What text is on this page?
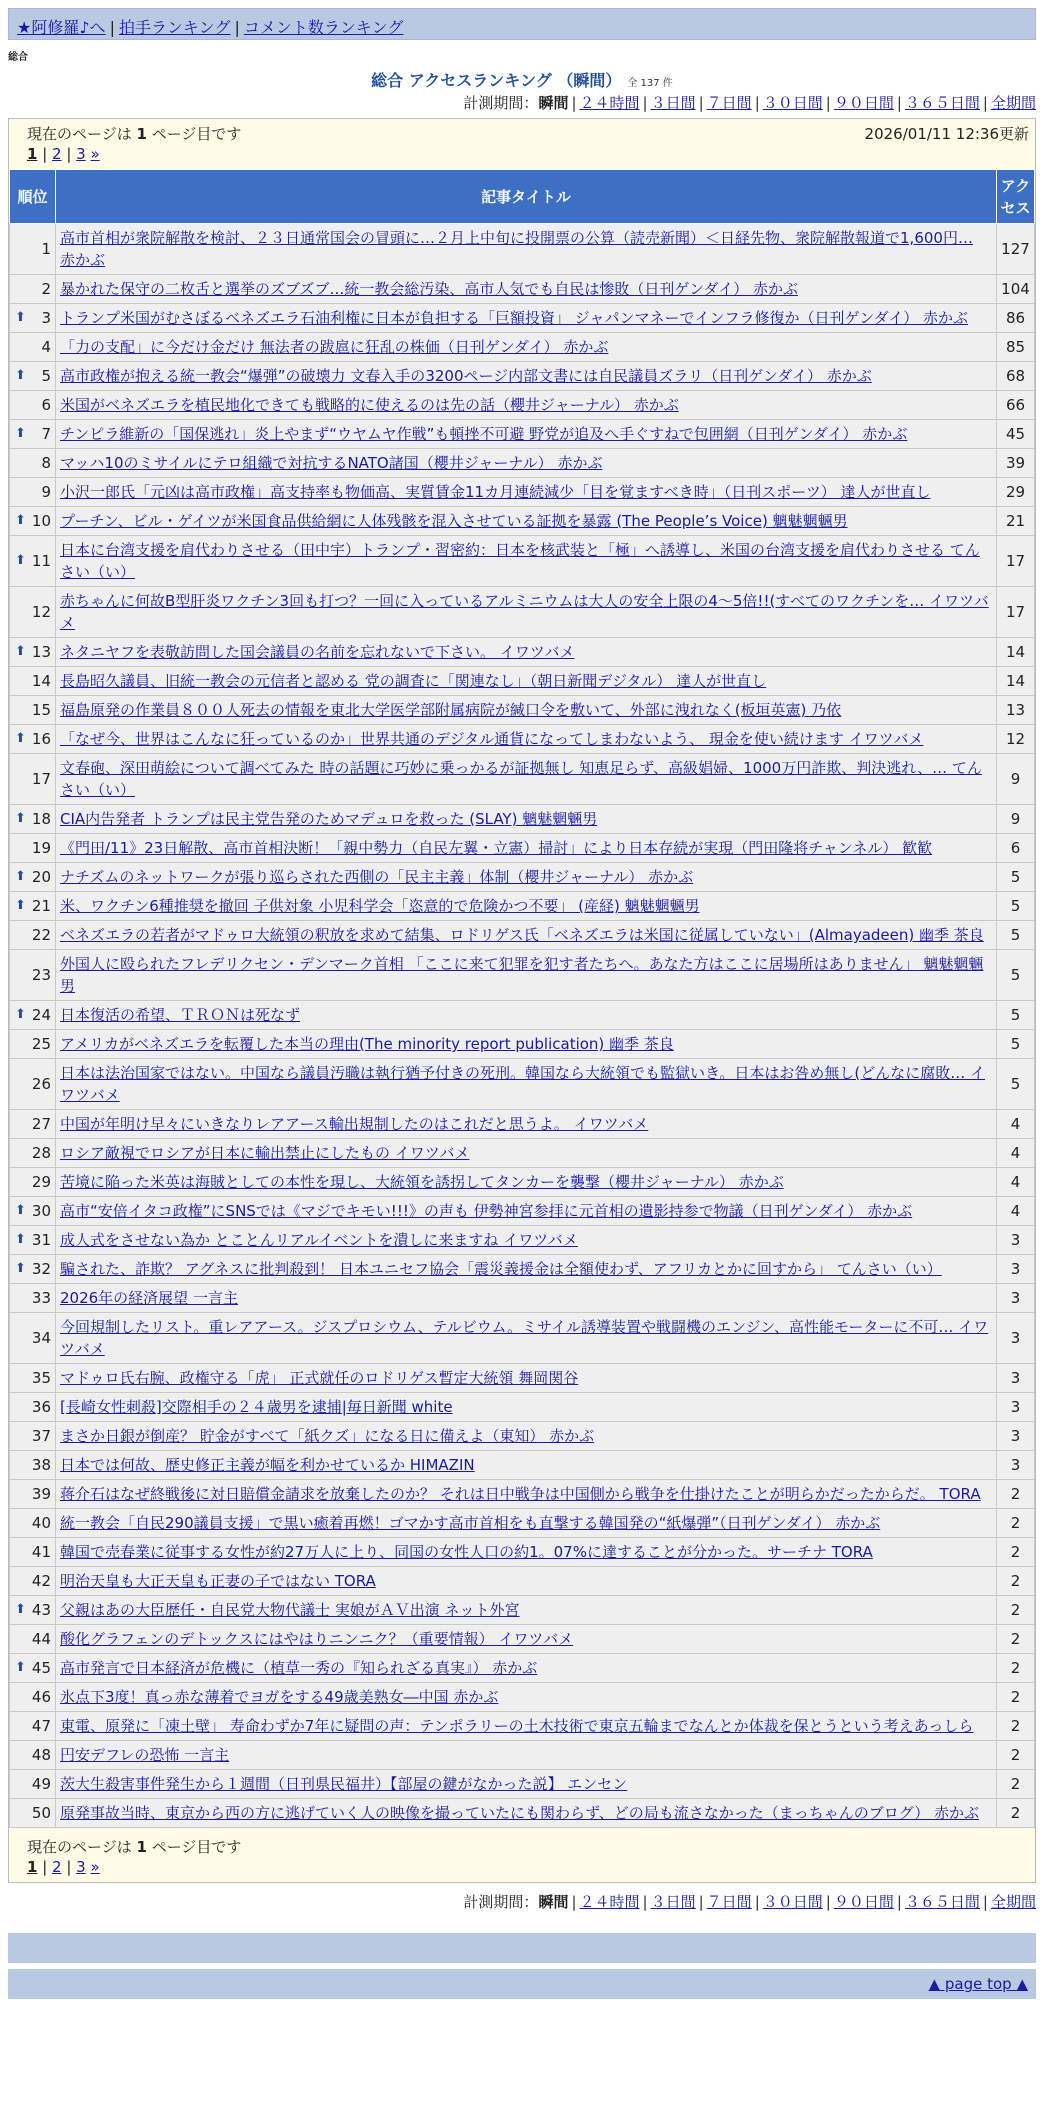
★阿修羅♪へ | 拍手ランキング | コメント数ランキング
総合
総合 アクセスランキング （瞬間） 全 137 件
計測期間：瞬間 | ２４時間 | ３日間 | ７日間 | ３０日間 | ９０日間 | ３６５日間 | 全期間
現在のページは 1 ページ目です	2026/01/11 12:36更新
1 | 2 | 3 »
順位	記事タイトル	アクセス
1	高市首相が衆院解散を検討、２３日通常国会の冒頭に…２月上中旬に投開票の公算（読売新聞）＜日経先物、衆院解散報道で1,600円… 赤かぶ	127
2	暴かれた保守の二枚舌と選挙のズブズブ…統一教会総汚染、高市人気でも自民は惨敗（日刊ゲンダイ） 赤かぶ	104

⬆ 3	トランプ米国がむさぼるベネズエラ石油利権に日本が負担する「巨額投資」 ジャパンマネーでインフラ修復か（日刊ゲンダイ） 赤かぶ	86
4	「力の支配」に今だけ金だけ 無法者の跋扈に狂乱の株価（日刊ゲンダイ） 赤かぶ	85

⬆ 5	高市政権が抱える統一教会“爆弾”の破壊力 文春入手の3200ページ内部文書には自民議員ズラリ（日刊ゲンダイ） 赤かぶ	68
6	米国がベネズエラを植民地化できても戦略的に使えるのは先の話（櫻井ジャーナル） 赤かぶ	66

⬆ 7	チンピラ維新の「国保逃れ」炎上やまず“ウヤムヤ作戦”も頓挫不可避 野党が追及へ手ぐすねで包囲網（日刊ゲンダイ） 赤かぶ	45
8	マッハ10のミサイルにテロ組織で対抗するNATO諸国（櫻井ジャーナル） 赤かぶ	39
9	小沢一郎氏「元凶は高市政権」高支持率も物価高、実質賃金11カ月連続減少「目を覚ますべき時」（日刊スポーツ） 達人が世直し	29

⬆ 10	プーチン、ビル・ゲイツが米国食品供給網に人体残骸を混入させている証拠を暴露 (The People’s Voice) 魑魅魍魎男	21

⬆ 11	日本に台湾支援を肩代わりさせる（田中宇）トランプ・習密約：日本を核武装と「極」へ誘導し、米国の台湾支援を肩代わりさせる てんさい（い）	17
12	赤ちゃんに何故B型肝炎ワクチン3回も打つ？一回に入っているアルミニウムは大人の安全上限の4～5倍!!(すべてのワクチンを… イワツバメ	17

⬆ 13	ネタニヤフを表敬訪問した国会議員の名前を忘れないで下さい。 イワツバメ	14
14	長島昭久議員、旧統一教会の元信者と認める 党の調査に「関連なし」（朝日新聞デジタル） 達人が世直し	14
15	福島原発の作業員８００人死去の情報を東北大学医学部附属病院が緘口令を敷いて、外部に洩れなく(板垣英憲) 乃依	13

⬆ 16	「なぜ今、世界はこんなに狂っているのか」世界共通のデジタル通貨になってしまわないよう、 現金を使い続けます イワツバメ	12
17	文春砲、深田萌絵について調べてみた 時の話題に巧妙に乗っかるが証拠無し 知恵足らず、高級娼婦、1000万円詐欺、判決逃れ、… てんさい（い）	9

⬆ 18	CIA内告発者 トランプは民主党告発のためマデュロを救った (SLAY) 魑魅魍魎男	9
19	《門田/11》23日解散、高市首相決断！「親中勢力（自民左翼・立憲）掃討」により日本存続が実現（門田隆将チャンネル） 歓歓	6

⬆ 20	ナチズムのネットワークが張り巡らされた西側の「民主主義」体制（櫻井ジャーナル） 赤かぶ	5

⬆ 21	米、ワクチン6種推奨を撤回 子供対象 小児科学会「恣意的で危険かつ不要」 (産経) 魑魅魍魎男	5
22	ベネズエラの若者がマドゥロ大統領の釈放を求めて結集、ロドリゲス氏「ベネズエラは米国に従属していない」(Almayadeen) 幽季 茶良	5
23	外国人に殴られたフレデリクセン・デンマーク首相 「ここに来て犯罪を犯す者たちへ。あなた方はここに居場所はありません」 魑魅魍魎男	5

⬆ 24	日本復活の希望、ＴＲＯＮは死なず	5
25	アメリカがベネズエラを転覆した本当の理由(The minority report publication) 幽季 茶良	5
26	日本は法治国家ではない。中国なら議員汚職は執行猶予付きの死刑。韓国なら大統領でも監獄いき。日本はお咎め無し(どんなに腐敗… イワツバメ	5
27	中国が年明け早々にいきなりレアアース輸出規制したのはこれだと思うよ。 イワツバメ	4
28	ロシア敵視でロシアが日本に輸出禁止にしたもの イワツバメ	4
29	苦境に陥った米英は海賊としての本性を現し、大統領を誘拐してタンカーを襲撃（櫻井ジャーナル） 赤かぶ	4

⬆ 30	高市“安倍イタコ政権”にSNSでは《マジでキモい!!!》の声も 伊勢神宮参拝に元首相の遺影持参で物議（日刊ゲンダイ） 赤かぶ	4

⬆ 31	成人式をさせない為か とことんリアルイベントを潰しに来ますね イワツバメ	3

⬆ 32	騙された、詐欺？ アグネスに批判殺到！ 日本ユニセフ協会「震災義援金は全額使わず、アフリカとかに回すから」 てんさい（い）	3
33	2026年の経済展望 一言主	3
34	今回規制したリスト。重レアアース。ジスプロシウム、テルビウム。ミサイル誘導装置や戦闘機のエンジン、高性能モーターに不可… イワツバメ	3
35	マドゥロ氏右腕、政権守る「虎」 正式就任のロドリゲス暫定大統領 舞岡関谷	3
36	[長崎女性刺殺]交際相手の２４歳男を逮捕|毎日新聞 white	3
37	まさか日銀が倒産？ 貯金がすべて「紙クズ」になる日に備えよ（東知） 赤かぶ	3
38	日本では何故、歴史修正主義が幅を利かせているか HIMAZIN	3
39	蒋介石はなぜ終戦後に対日賠償金請求を放棄したのか？ それは日中戦争は中国側から戦争を仕掛けたことが明らかだったからだ。 TORA	2
40	統一教会「自民290議員支援」で黒い癒着再燃！ゴマかす高市首相をも直撃する韓国発の“紙爆弾”（日刊ゲンダイ） 赤かぶ	2
41	韓国で売春業に従事する女性が約27万人に上り、同国の女性人口の約1。07%に達することが分かった。サーチナ TORA	2
42	明治天皇も大正天皇も正妻の子ではない TORA	2

⬆ 43	父親はあの大臣歴任・自民党大物代議士 実娘がＡＶ出演 ネット外宮	2
44	酸化グラフェンのデトックスにはやはりニンニク？（重要情報） イワツバメ	2

⬆ 45	高市発言で日本経済が危機に（植草一秀の『知られざる真実』） 赤かぶ	2
46	氷点下3度！真っ赤な薄着でヨガをする49歳美熟女―中国 赤かぶ	2
47	東電、原発に「凍土壁」 寿命わずか7年に疑問の声：テンポラリーの土木技術で東京五輪までなんとか体裁を保とうという考えあっしら	2
48	円安デフレの恐怖 一言主	2
49	茨大生殺害事件発生から１週間（日刊県民福井）【部屋の鍵がなかった説】 エンセン	2
50	原発事故当時、東京から西の方に逃げていく人の映像を撮っていたにも関わらず、どの局も流さなかった（まっちゃんのブログ） 赤かぶ	2
現在のページは 1 ページ目です
1 | 2 | 3 »
計測期間：瞬間 | ２４時間 | ３日間 | ７日間 | ３０日間 | ９０日間 | ３６５日間 | 全期間
▲ page top ▲
